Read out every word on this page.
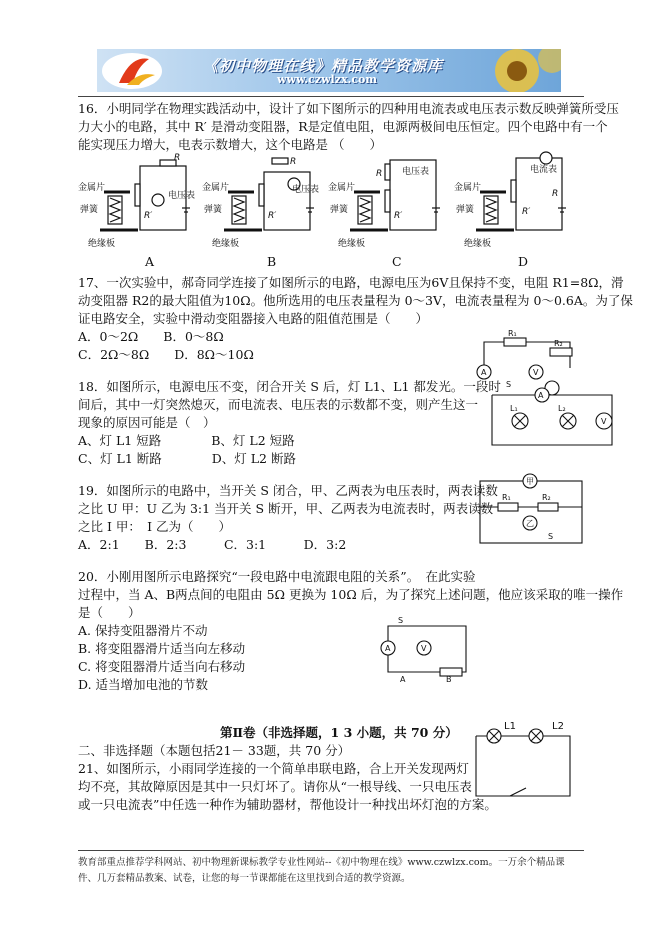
《初中物理在线》精品教学资源库
www.czwlzx.com
16．小明同学在物理实践活动中，设计了如下图所示的四种用电流表或电压表示数反映弹簧所受压
力大小的电路，其中 R′ 是滑动变阻器，R是定值电阻，电源两极间电压恒定。四个电路中有一个
能实现压力增大，电表示数增大，这个电路是 （　　）
金属片
弹簧
绝缘板
电压表
R
R′
金属片
弹簧
绝缘板
电压表
R
R′
金属片
弹簧
绝缘板
电压表
R
R′
金属片
弹簧
绝缘板
电流表
R
R′
A	B	C	D
17、一次实验中，郝奇同学连接了如图所示的电路，电源电压为6V且保持不变，电阻 R1=8Ω，滑
动变阻器 R2的最大阻值为10Ω。他所选用的电压表量程为 0～3V，电流表量程为 0～0.6A。为了保
证电路安全，实验中滑动变阻器接入电路的阻值范围是（　　）
A．0～2Ω　　B．0～8Ω
C．2Ω～8Ω　　D．8Ω～10Ω
R₁
R₂
A	V
18．如图所示，电源电压不变，闭合开关 S 后，灯 L1、L1 都发光。一段时
间后，其中一灯突然熄灭，而电流表、电压表的示数都不变，则产生这一
现象的原因可能是（　）
A、灯 L1 短路　　　　B、灯 L2 短路
C、灯 L1 断路　　　　D、灯 L2 断路
S
A
L₁	L₂
V
19．如图所示的电路中，当开关 S 闭合，甲、乙两表为电压表时，两表读数
之比 U 甲：U 乙为 3:1 当开关 S 断开，甲、乙两表为电流表时，两表读数
之比 I 甲：　I 乙为（　　）
A．2:1　　B．2:3　　　C．3:1　　　D．3:2
甲
乙
R₁	R₂
S
20．小刚用图所示电路探究“一段电路中电流跟电阻的关系”。　在此实验
过程中，当 A、B两点间的电阻由 5Ω 更换为 10Ω 后，为了探究上述问题，他应该采取的唯一操作
是（　　）
A. 保持变阻器滑片不动
B. 将变阻器滑片适当向左移动
C. 将变阻器滑片适当向右移动
D. 适当增加电池的节数
S
A	V
A	B
第Ⅱ卷（非选择题，1 3 小题，共 70 分）
二、非选择题（本题包括21－ 33题，共 70 分）
21、如图所示，小雨同学连接的一个简单串联电路，合上开关发现两灯
均不亮，其故障原因是其中一只灯坏了。请你从“一根导线、一只电压表
或一只电流表”中任选一种作为辅助器材，帮他设计一种找出坏灯泡的方案。
L1	L2
教育部重点推荐学科网站、初中物理新课标教学专业性网站--《初中物理在线》www.czwlzx.com。一万余个精品课
件、几万套精品教案、试卷，让您的每一节课都能在这里找到合适的教学资源。
